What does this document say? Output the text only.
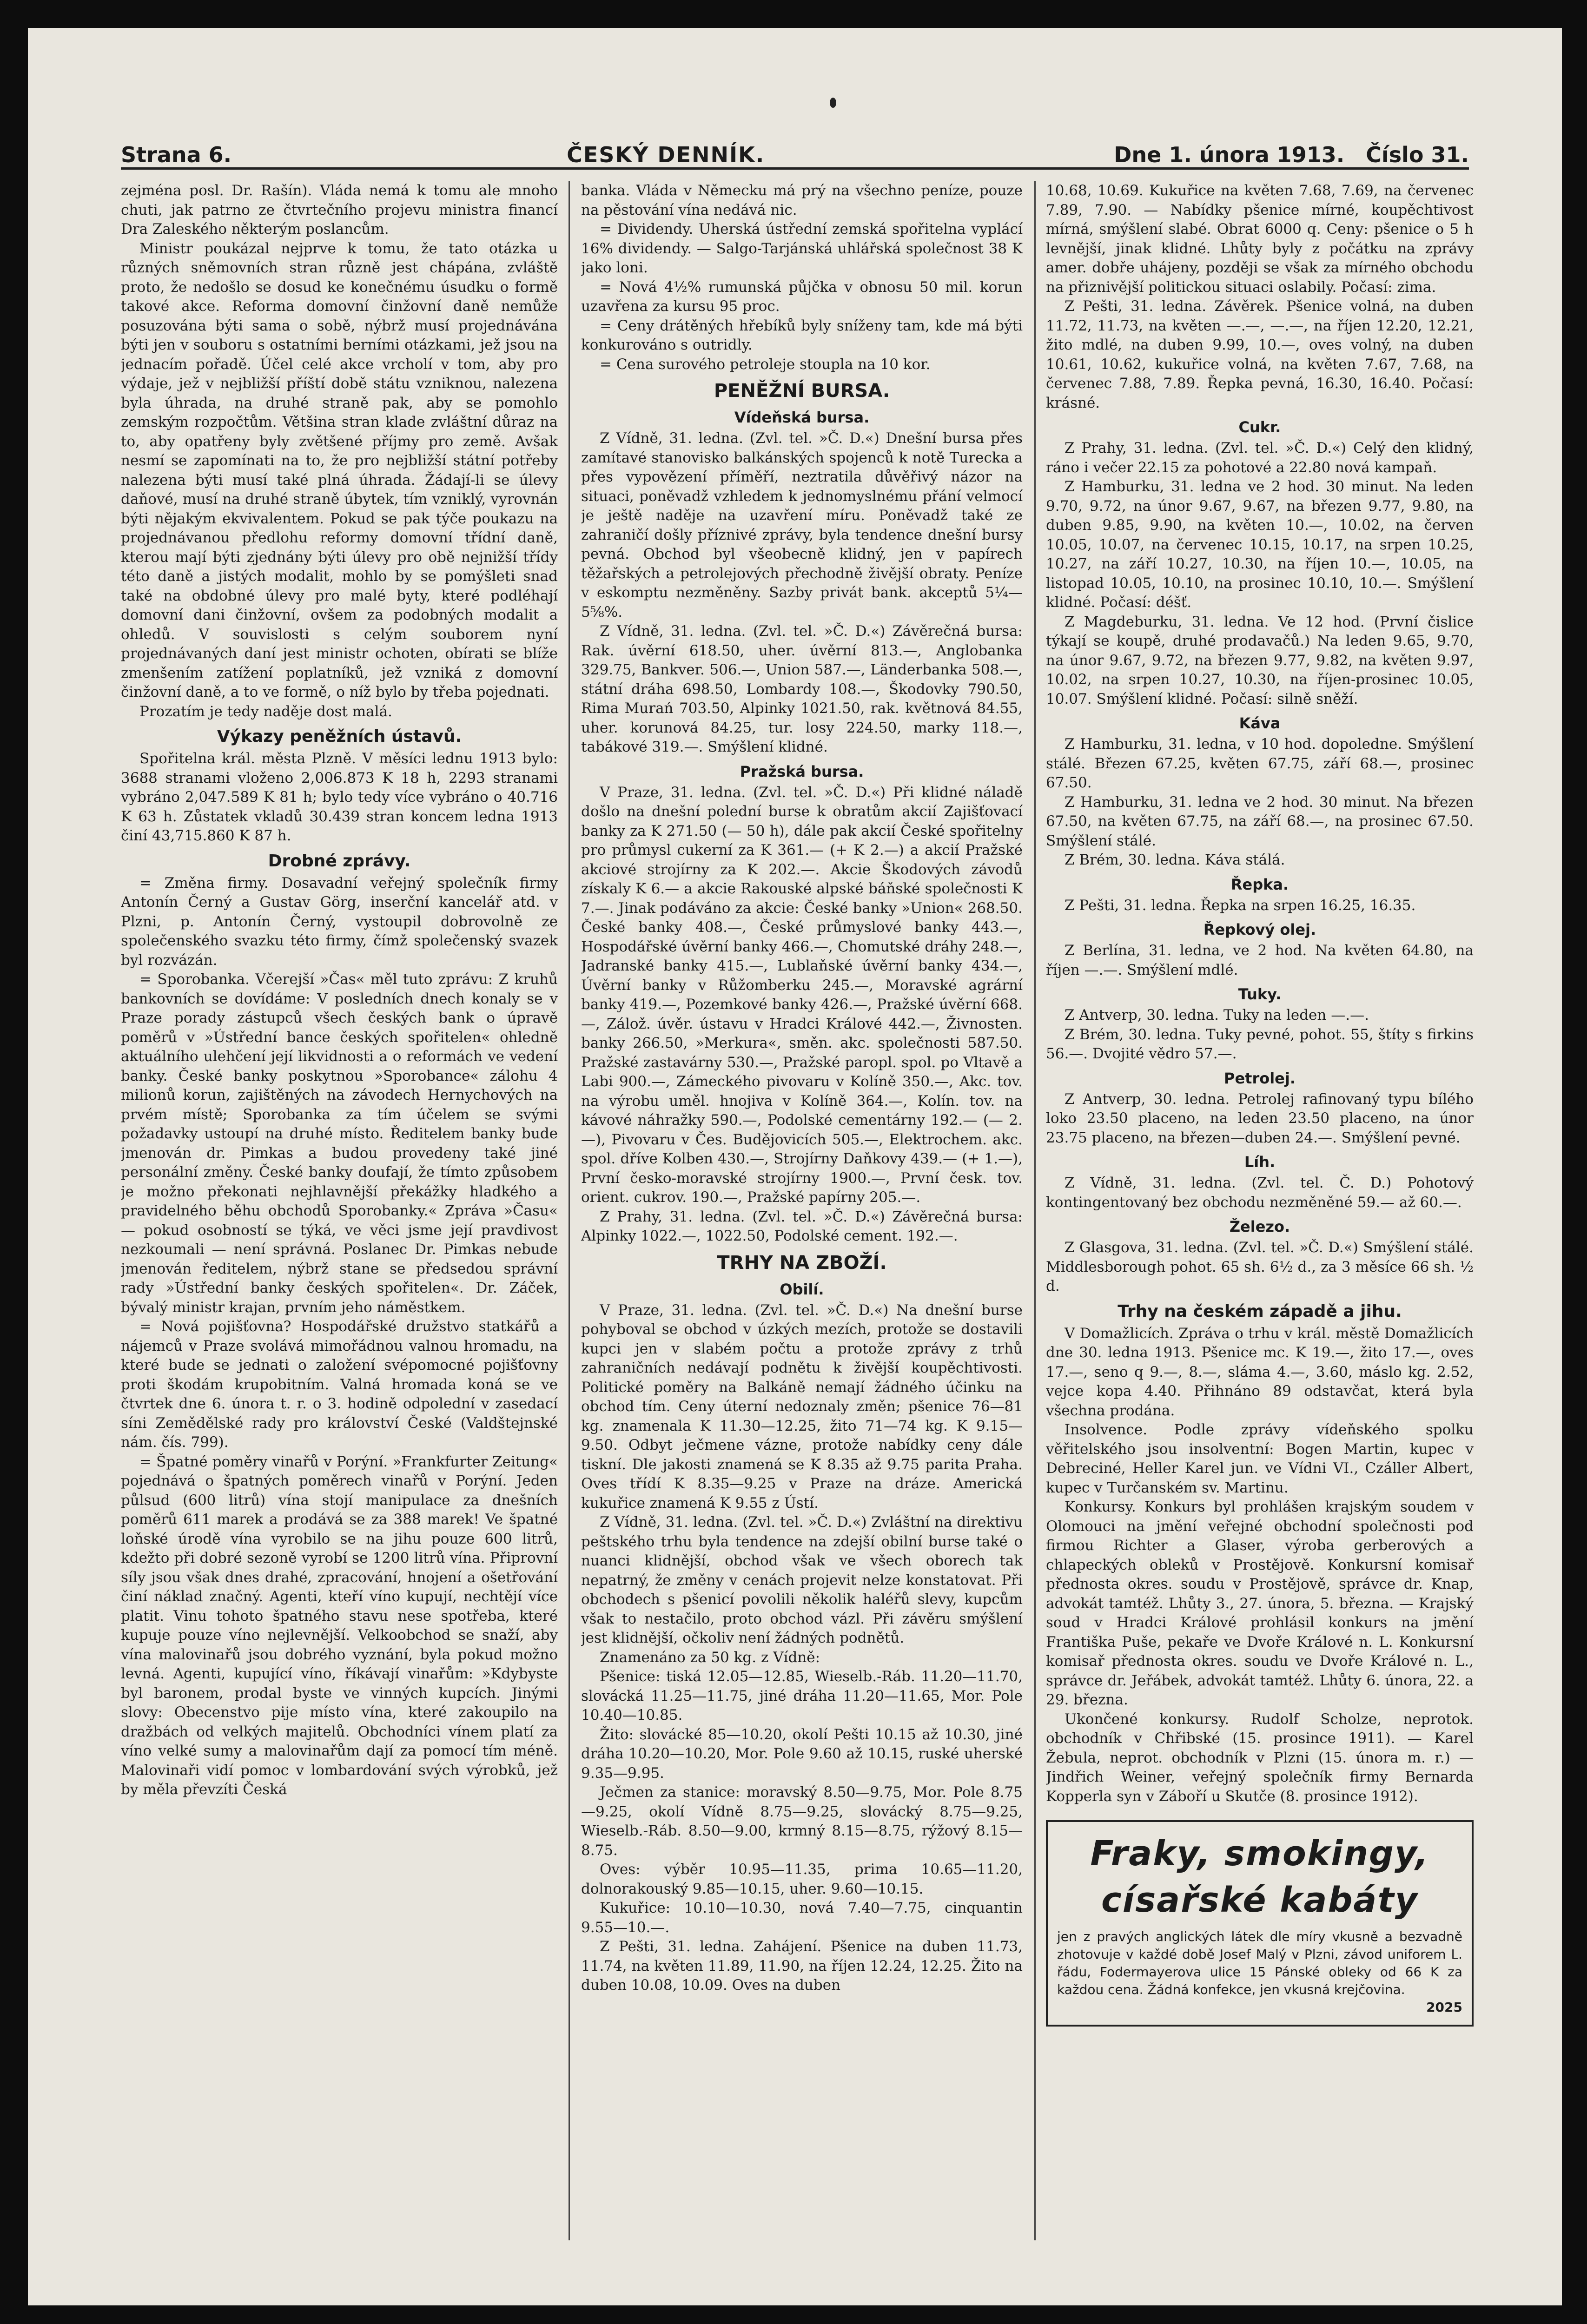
Strana 6.	ČESKÝ DENNÍK.	Dne 1. února 1913. Číslo 31.

zejména posl. Dr. Rašín). Vláda nemá k tomu ale mnoho chuti, jak patrno ze čtvrtečního projevu ministra financí Dra Zaleského některým poslancům.

Ministr poukázal nejprve k tomu, že tato otázka u různých sněmovních stran různě jest chápána, zvláště proto, že nedošlo se dosud ke konečnému úsudku o formě takové akce. Reforma domovní činžovní daně nemůže posuzována býti sama o sobě, nýbrž musí projednávána býti jen v souboru s ostatními berními otázkami, jež jsou na jednacím pořadě. Účel celé akce vrcholí v tom, aby pro výdaje, jež v nejbližší příští době státu vzniknou, nalezena byla úhrada, na druhé straně pak, aby se pomohlo zemským rozpočtům. Většina stran klade zvláštní důraz na to, aby opatřeny byly zvětšené příjmy pro země. Avšak nesmí se zapomínati na to, že pro nejbližší státní potřeby nalezena býti musí také plná úhrada. Žádají-li se úlevy daňové, musí na druhé straně úbytek, tím vzniklý, vyrovnán býti nějakým ekvivalentem. Pokud se pak týče poukazu na projednávanou předlohu reformy domovní třídní daně, kterou mají býti zjednány býti úlevy pro obě nejnižší třídy této daně a jistých modalit, mohlo by se pomýšleti snad také na obdobné úlevy pro malé byty, které podléhají domovní dani činžovní, ovšem za podobných modalit a ohledů. V souvislosti s celým souborem nyní projednávaných daní jest ministr ochoten, obírati se blíže zmenšením zatížení poplatníků, jež vzniká z domovní činžovní daně, a to ve formě, o níž bylo by třeba pojednati.

Prozatím je tedy naděje dost malá.

Výkazy peněžních ústavů.

Spořitelna král. města Plzně. V měsíci lednu 1913 bylo: 3688 stranami vloženo 2,006.873 K 18 h, 2293 stranami vybráno 2,047.589 K 81 h; bylo tedy více vybráno o 40.716 K 63 h. Zůstatek vkladů 30.439 stran koncem ledna 1913 činí 43,715.860 K 87 h.

Drobné zprávy.

= Změna firmy. Dosavadní veřejný společník firmy Antonín Černý a Gustav Görg, inserční kancelář atd. v Plzni, p. Antonín Černý, vystoupil dobrovolně ze společenského svazku této firmy, čímž společenský svazek byl rozvázán.

= Sporobanka. Včerejší »Čas« měl tuto zprávu: Z kruhů bankovních se dovídáme: V posledních dnech konaly se v Praze porady zástupců všech českých bank o úpravě poměrů v »Ústřední bance českých spořitelen« ohledně aktuálního ulehčení její likvidnosti a o reformách ve vedení banky. České banky poskytnou »Sporobance« zálohu 4 milionů korun, zajištěných na závodech Hernychových na prvém místě; Sporobanka za tím účelem se svými požadavky ustoupí na druhé místo. Ředitelem banky bude jmenován dr. Pimkas a budou provedeny také jiné personální změny. České banky doufají, že tímto způsobem je možno překonati nejhlavnější překážky hladkého a pravidelného běhu obchodů Sporobanky.« Zpráva »Času« — pokud osobností se týká, ve věci jsme její pravdivost nezkoumali — není správná. Poslanec Dr. Pimkas nebude jmenován ředitelem, nýbrž stane se předsedou správní rady »Ústřední banky českých spořitelen«. Dr. Záček, bývalý ministr krajan, prvním jeho náměstkem.

= Nová pojišťovna? Hospodářské družstvo statkářů a nájemců v Praze svolává mimořádnou valnou hromadu, na které bude se jednati o založení svépomocné pojišťovny proti škodám krupobitním. Valná hromada koná se ve čtvrtek dne 6. února t. r. o 3. hodině odpolední v zasedací síni Zemědělské rady pro království České (Valdštejnské nám. čís. 799).

= Špatné poměry vinařů v Porýní. »Frankfurter Zeitung« pojednává o špatných poměrech vinařů v Porýní. Jeden půlsud (600 litrů) vína stojí manipulace za dnešních poměrů 611 marek a prodává se za 388 marek! Ve špatné loňské úrodě vína vyrobilo se na jihu pouze 600 litrů, kdežto při dobré sezoně vyrobí se 1200 litrů vína. Připrovní síly jsou však dnes drahé, zpracování, hnojení a ošetřování činí náklad značný. Agenti, kteří víno kupují, nechtějí více platit. Vinu tohoto špatného stavu nese spotřeba, které kupuje pouze víno nejlevnější. Velkoobchod se snaží, aby vína malovinařů jsou dobrého vyznání, byla pokud možno levná. Agenti, kupující víno, říkávají vinařům: »Kdybyste byl baronem, prodal byste ve vinných kupcích. Jinými slovy: Obecenstvo pije místo vína, které zakoupilo na dražbách od velkých majitelů. Obchodníci vínem platí za víno velké sumy a malovinařům dají za pomocí tím méně. Malovinaři vidí pomoc v lombardování svých výrobků, jež by měla převzíti Česká

banka. Vláda v Německu má prý na všechno peníze, pouze na pěstování vína nedává nic.

= Dividendy. Uherská ústřední zemská spořitelna vyplácí 16% dividendy. — Salgo-Tarjánská uhlářská společnost 38 K jako loni.

= Nová 4½% rumunská půjčka v obnosu 50 mil. korun uzavřena za kursu 95 proc.

= Ceny drátěných hřebíků byly sníženy tam, kde má býti konkurováno s outridly.

= Cena surového petroleje stoupla na 10 kor.

PENĚŽNÍ BURSA.
Vídeňská bursa.

Z Vídně, 31. ledna. (Zvl. tel. »Č. D.«) Dnešní bursa přes zamítavé stanovisko balkánských spojenců k notě Turecka a přes vypovězení příměří, neztratila důvěřivý názor na situaci, poněvadž vzhledem k jednomyslnému přání velmocí je ještě naděje na uzavření míru. Poněvadž také ze zahraničí došly příznivé zprávy, byla tendence dnešní bursy pevná. Obchod byl všeobecně klidný, jen v papírech těžařských a petrolejových přechodně živější obraty. Peníze v eskomptu nezměněny. Sazby privát bank. akceptů 5¼—5⅝%.

Z Vídně, 31. ledna. (Zvl. tel. »Č. D.«) Závěrečná bursa: Rak. úvěrní 618.50, uher. úvěrní 813.—, Anglobanka 329.75, Bankver. 506.—, Union 587.—, Länderbanka 508.—, státní dráha 698.50, Lombardy 108.—, Škodovky 790.50, Rima Murań 703.50, Alpinky 1021.50, rak. květnová 84.55, uher. korunová 84.25, tur. losy 224.50, marky 118.—, tabákové 319.—. Smýšlení klidné.

Pražská bursa.

V Praze, 31. ledna. (Zvl. tel. »Č. D.«) Při klidné náladě došlo na dnešní polední burse k obratům akcií Zajišťovací banky za K 271.50 (— 50 h), dále pak akcií České spořitelny pro průmysl cukerní za K 361.— (+ K 2.—) a akcií Pražské akciové strojírny za K 202.—. Akcie Škodových závodů získaly K 6.— a akcie Rakouské alpské báňské společnosti K 7.—. Jinak podáváno za akcie: České banky »Union« 268.50. České banky 408.—, České průmyslové banky 443.—, Hospodářské úvěrní banky 466.—, Chomutské dráhy 248.—, Jadranské banky 415.—, Lublaňské úvěrní banky 434.—, Úvěrní banky v Růžomberku 245.—, Moravské agrární banky 419.—, Pozemkové banky 426.—, Pražské úvěrní 668.—, Zálož. úvěr. ústavu v Hradci Králové 442.—, Živnosten. banky 266.50, »Merkura«, směn. akc. společnosti 587.50. Pražské zastavárny 530.—, Pražské paropl. spol. po Vltavě a Labi 900.—, Zámeckého pivovaru v Kolíně 350.—, Akc. tov. na výrobu uměl. hnojiva v Kolíně 364.—, Kolín. tov. na kávové náhražky 590.—, Podolské cementárny 192.— (— 2.—), Pivovaru v Čes. Budějovicích 505.—, Elektrochem. akc. spol. dříve Kolben 430.—, Strojírny Daňkovy 439.— (+ 1.—), První česko-moravské strojírny 1900.—, První česk. tov. orient. cukrov. 190.—, Pražské papírny 205.—.

Z Prahy, 31. ledna. (Zvl. tel. »Č. D.«) Závěrečná bursa: Alpinky 1022.—, 1022.50, Podolské cement. 192.—.

TRHY NA ZBOŽÍ.
Obilí.

V Praze, 31. ledna. (Zvl. tel. »Č. D.«) Na dnešní burse pohyboval se obchod v úzkých mezích, protože se dostavili kupci jen v slabém počtu a protože zprávy z trhů zahraničních nedávají podnětu k živější koupěchtivosti. Politické poměry na Balkáně nemají žádného účinku na obchod tím. Ceny úterní nedoznaly změn; pšenice 76—81 kg. znamenala K 11.30—12.25, žito 71—74 kg. K 9.15—9.50. Odbyt ječmene vázne, protože nabídky ceny dále tiskní. Dle jakosti znamená se K 8.35 až 9.75 parita Praha. Oves třídí K 8.35—9.25 v Praze na dráze. Americká kukuřice znamená K 9.55 z Ústí.

Z Vídně, 31. ledna. (Zvl. tel. »Č. D.«) Zvláštní na direktivu peštského trhu byla tendence na zdejší obilní burse také o nuanci klidnější, obchod však ve všech oborech tak nepatrný, že změny v cenách projevit nelze konstatovat. Při obchodech s pšenicí povolili několik haléřů slevy, kupcům však to nestačilo, proto obchod vázl. Při závěru smýšlení jest klidnější, očkoliv není žádných podnětů.

Znamenáno za 50 kg. z Vídně:

Pšenice: tiská 12.05—12.85, Wieselb.-Ráb. 11.20—11.70, slovácká 11.25—11.75, jiné dráha 11.20—11.65, Mor. Pole 10.40—10.85.

Žito: slovácké 85—10.20, okolí Pešti 10.15 až 10.30, jiné dráha 10.20—10.20, Mor. Pole 9.60 až 10.15, ruské uherské 9.35—9.95.

Ječmen za stanice: moravský 8.50—9.75, Mor. Pole 8.75—9.25, okolí Vídně 8.75—9.25, slovácký 8.75—9.25, Wieselb.-Ráb. 8.50—9.00, krmný 8.15—8.75, rýžový 8.15—8.75.

Oves: výběr 10.95—11.35, prima 10.65—11.20, dolnorakouský 9.85—10.15, uher. 9.60—10.15.

Kukuřice: 10.10—10.30, nová 7.40—7.75, cinquantin 9.55—10.—.

Z Pešti, 31. ledna. Zahájení. Pšenice na duben 11.73, 11.74, na květen 11.89, 11.90, na říjen 12.24, 12.25. Žito na duben 10.08, 10.09. Oves na duben

10.68, 10.69. Kukuřice na květen 7.68, 7.69, na červenec 7.89, 7.90. — Nabídky pšenice mírné, koupěchtivost mírná, smýšlení slabé. Obrat 6000 q. Ceny: pšenice o 5 h levnější, jinak klidné. Lhůty byly z počátku na zprávy amer. dobře uhájeny, později se však za mírného obchodu na přiznivější politickou situaci oslabily. Počasí: zima.

Z Pešti, 31. ledna. Závěrek. Pšenice volná, na duben 11.72, 11.73, na květen —.—, —.—, na říjen 12.20, 12.21, žito mdlé, na duben 9.99, 10.—, oves volný, na duben 10.61, 10.62, kukuřice volná, na květen 7.67, 7.68, na červenec 7.88, 7.89. Řepka pevná, 16.30, 16.40. Počasí: krásné.

Cukr.

Z Prahy, 31. ledna. (Zvl. tel. »Č. D.«) Celý den klidný, ráno i večer 22.15 za pohotové a 22.80 nová kampaň.

Z Hamburku, 31. ledna ve 2 hod. 30 minut. Na leden 9.70, 9.72, na únor 9.67, 9.67, na březen 9.77, 9.80, na duben 9.85, 9.90, na květen 10.—, 10.02, na červen 10.05, 10.07, na červenec 10.15, 10.17, na srpen 10.25, 10.27, na září 10.27, 10.30, na říjen 10.—, 10.05, na listopad 10.05, 10.10, na prosinec 10.10, 10.—. Smýšlení klidné. Počasí: déšť.

Z Magdeburku, 31. ledna. Ve 12 hod. (První čislice týkají se koupě, druhé prodavačů.) Na leden 9.65, 9.70, na únor 9.67, 9.72, na březen 9.77, 9.82, na květen 9.97, 10.02, na srpen 10.27, 10.30, na říjen-prosinec 10.05, 10.07. Smýšlení klidné. Počasí: silně sněží.

Káva

Z Hamburku, 31. ledna, v 10 hod. dopoledne. Smýšlení stálé. Březen 67.25, květen 67.75, září 68.—, prosinec 67.50.

Z Hamburku, 31. ledna ve 2 hod. 30 minut. Na březen 67.50, na květen 67.75, na září 68.—, na prosinec 67.50. Smýšlení stálé.

Z Brém, 30. ledna. Káva stálá.

Řepka.

Z Pešti, 31. ledna. Řepka na srpen 16.25, 16.35.

Řepkový olej.

Z Berlína, 31. ledna, ve 2 hod. Na květen 64.80, na říjen —.—. Smýšlení mdlé.

Tuky.

Z Antverp, 30. ledna. Tuky na leden —.—.

Z Brém, 30. ledna. Tuky pevné, pohot. 55, štíty s firkins 56.—. Dvojité vědro 57.—.

Petrolej.

Z Antverp, 30. ledna. Petrolej rafinovaný typu bílého loko 23.50 placeno, na leden 23.50 placeno, na únor 23.75 placeno, na březen—duben 24.—. Smýšlení pevné.

Líh.

Z Vídně, 31. ledna. (Zvl. tel. Č. D.) Pohotový kontingentovaný bez obchodu nezměněné 59.— až 60.—.

Železo.

Z Glasgova, 31. ledna. (Zvl. tel. »Č. D.«) Smýšlení stálé. Middlesborough pohot. 65 sh. 6½ d., za 3 měsíce 66 sh. ½ d.

Trhy na českém západě a jihu.

V Domažlicích. Zpráva o trhu v král. městě Domažlicích dne 30. ledna 1913. Pšenice mc. K 19.—, žito 17.—, oves 17.—, seno q 9.—, 8.—, sláma 4.—, 3.60, máslo kg. 2.52, vejce kopa 4.40. Přihnáno 89 odstavčat, která byla všechna prodána.

Insolvence. Podle zprávy vídeňského spolku věřitelského jsou insolventní: Bogen Martin, kupec v Debreciné, Heller Karel jun. ve Vídni VI., Czáller Albert, kupec v Turčanském sv. Martinu.

Konkursy. Konkurs byl prohlášen krajským soudem v Olomouci na jmění veřejné obchodní společnosti pod firmou Richter a Glaser, výroba gerberových a chlapeckých obleků v Prostějově. Konkursní komisař přednosta okres. soudu v Prostějově, správce dr. Knap, advokát tamtéž. Lhůty 3., 27. února, 5. března. — Krajský soud v Hradci Králové prohlásil konkurs na jmění Františka Puše, pekaře ve Dvoře Králové n. L. Konkursní komisař přednosta okres. soudu ve Dvoře Králové n. L., správce dr. Jeřábek, advokát tamtéž. Lhůty 6. února, 22. a 29. března.

Ukončené konkursy. Rudolf Scholze, neprotok. obchodník v Chřibské (15. prosince 1911). — Karel Žebula, neprot. obchodník v Plzni (15. února m. r.) — Jindřich Weiner, veřejný společník firmy Bernarda Kopperla syn v Záboří u Skutče (8. prosince 1912).

Fraky, smokingy, císařské kabáty
jen z pravých anglických látek dle míry vkusně a bezvadně zhotovuje v každé době Josef Malý v Plzni, závod uniforem L. řádu, Fodermayerova ulice 15 Pánské obleky od 66 K za každou cena. Žádná konfekce, jen vkusná krejčovina.
2025
